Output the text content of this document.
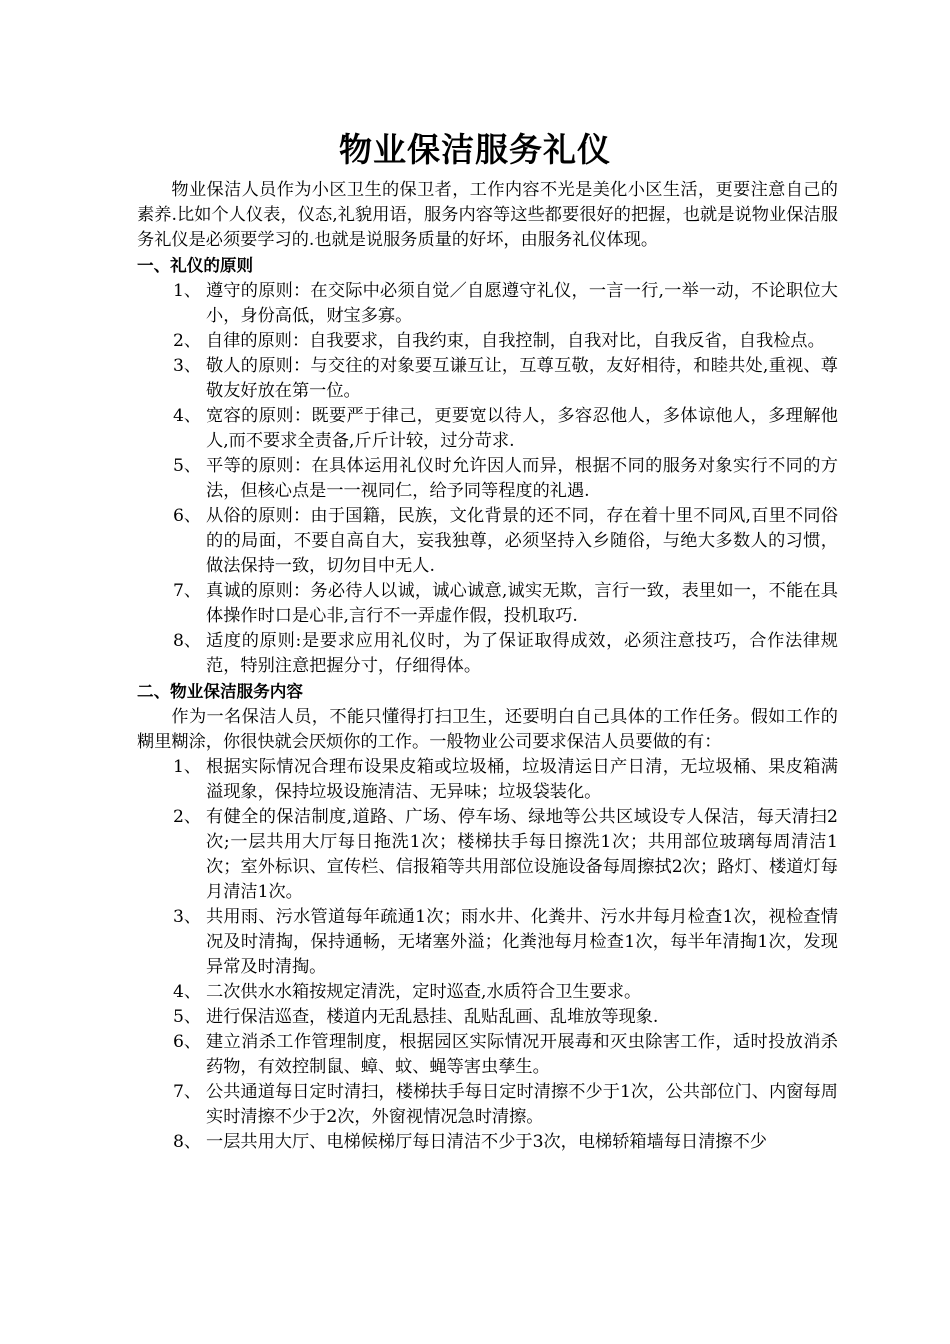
物业保洁服务礼仪

物业保洁人员作为小区卫生的保卫者，工作内容不光是美化小区生活，更要注意自己的素养.比如个人仪表，仪态,礼貌用语，服务内容等这些都要很好的把握，也就是说物业保洁服务礼仪是必须要学习的.也就是说服务质量的好坏，由服务礼仪体现。

一、礼仪的原则
1、 遵守的原则：在交际中必须自觉／自愿遵守礼仪，一言一行,一举一动，不论职位大小，身份高低，财宝多寡。
2、 自律的原则：自我要求，自我约束，自我控制，自我对比，自我反省，自我检点。
3、 敬人的原则：与交往的对象要互谦互让，互尊互敬，友好相待，和睦共处,重视、尊敬友好放在第一位。
4、 宽容的原则：既要严于律己，更要宽以待人，多容忍他人，多体谅他人，多理解他人,而不要求全责备,斤斤计较，过分苛求.
5、 平等的原则：在具体运用礼仪时允许因人而异，根据不同的服务对象实行不同的方法，但核心点是一一视同仁，给予同等程度的礼遇.
6、 从俗的原则：由于国籍，民族，文化背景的还不同，存在着十里不同风,百里不同俗的的局面，不要自高自大，妄我独尊，必须坚持入乡随俗，与绝大多数人的习惯，做法保持一致，切勿目中无人.
7、 真诚的原则：务必待人以诚，诚心诚意,诚实无欺，言行一致，表里如一，不能在具体操作时口是心非,言行不一弄虚作假，投机取巧.
8、 适度的原则:是要求应用礼仪时，为了保证取得成效，必须注意技巧，合作法律规范，特别注意把握分寸，仔细得体。
二、物业保洁服务内容

作为一名保洁人员，不能只懂得打扫卫生，还要明白自己具体的工作任务。假如工作的糊里糊涂，你很快就会厌烦你的工作。一般物业公司要求保洁人员要做的有：

1、 根据实际情况合理布设果皮箱或垃圾桶，垃圾清运日产日清，无垃圾桶、果皮箱满溢现象，保持垃圾设施清洁、无异味；垃圾袋装化。
2、 有健全的保洁制度,道路、广场、停车场、绿地等公共区域设专人保洁，每天清扫2次;一层共用大厅每日拖洗1次；楼梯扶手每日擦洗1次；共用部位玻璃每周清洁1次；室外标识、宣传栏、信报箱等共用部位设施设备每周擦拭2次；路灯、楼道灯每月清洁1次。
3、 共用雨、污水管道每年疏通1次；雨水井、化粪井、污水井每月检查1次，视检查情况及时清掏，保持通畅，无堵塞外溢；化粪池每月检查1次，每半年清掏1次，发现异常及时清掏。
4、 二次供水水箱按规定清洗，定时巡查,水质符合卫生要求。
5、 进行保洁巡查，楼道内无乱悬挂、乱贴乱画、乱堆放等现象.
6、 建立消杀工作管理制度，根据园区实际情况开展毒和灭虫除害工作，适时投放消杀药物，有效控制鼠、蟑、蚊、蝇等害虫孳生。
7、 公共通道每日定时清扫，楼梯扶手每日定时清擦不少于1次，公共部位门、内窗每周实时清擦不少于2次，外窗视情况急时清擦。
8、 一层共用大厅、电梯候梯厅每日清洁不少于3次，电梯轿箱墙每日清擦不少
